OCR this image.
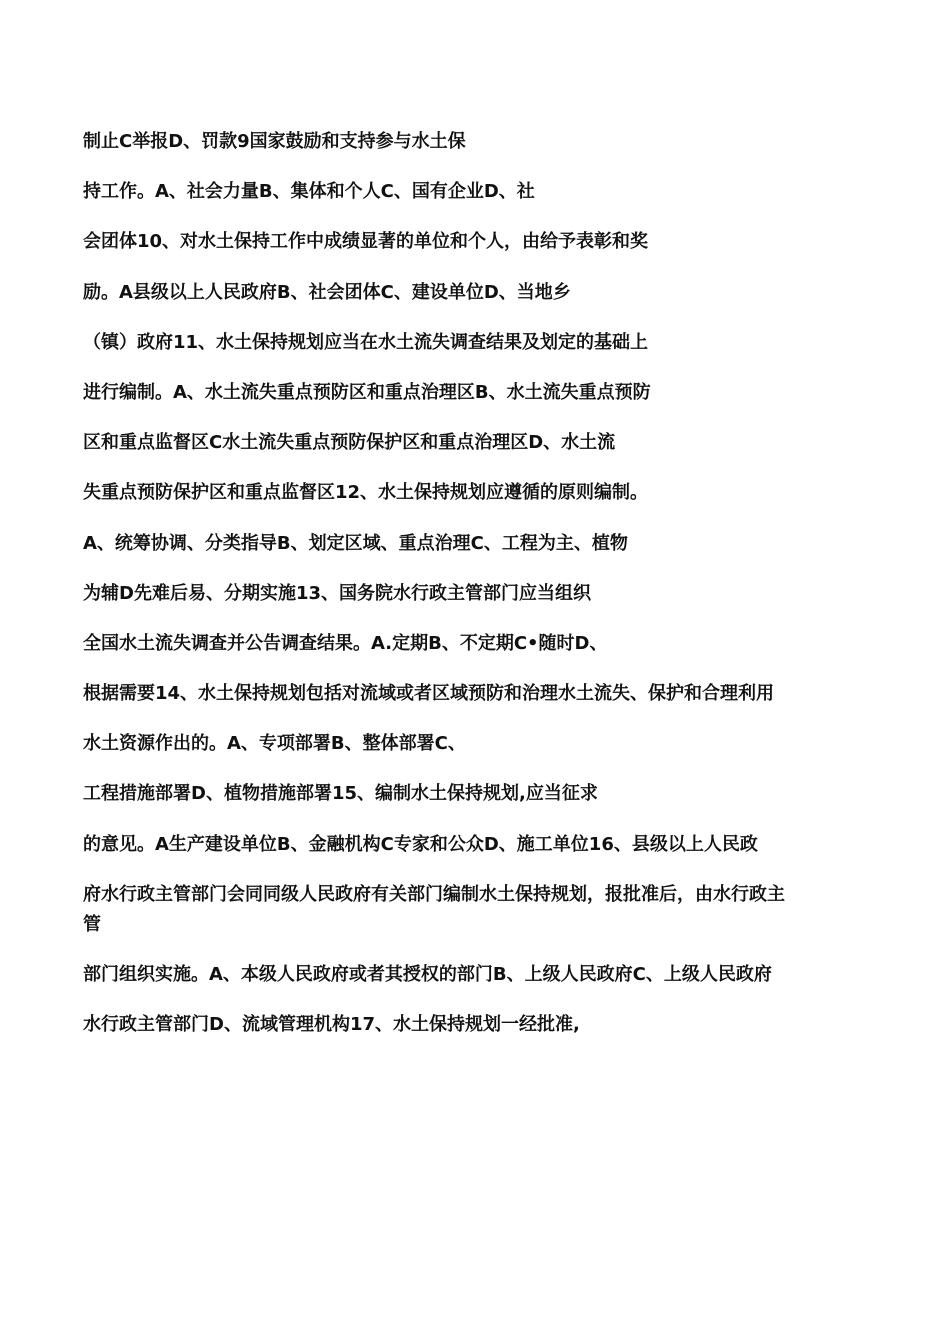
制止C举报D、罚款9国家鼓励和支持参与水土保
持工作。A、社会力量B、集体和个人C、国有企业D、社
会团体10、对水土保持工作中成绩显著的单位和个人，由给予表彰和奖
励。A县级以上人民政府B、社会团体C、建设单位D、当地乡
（镇）政府11、水土保持规划应当在水土流失调查结果及划定的基础上
进行编制。A、水土流失重点预防区和重点治理区B、水土流失重点预防
区和重点监督区C水土流失重点预防保护区和重点治理区D、水土流
失重点预防保护区和重点监督区12、水土保持规划应遵循的原则编制。
A、统筹协调、分类指导B、划定区域、重点治理C、工程为主、植物
为辅D先难后易、分期实施13、国务院水行政主管部门应当组织
全国水土流失调查并公告调查结果。A.定期B、不定期C•随时D、
根据需要14、水土保持规划包括对流域或者区域预防和治理水土流失、保护和合理利用
水土资源作出的。A、专项部署B、整体部署C、
工程措施部署D、植物措施部署15、编制水土保持规划,应当征求
的意见。A生产建设单位B、金融机构C专家和公众D、施工单位16、县级以上人民政
府水行政主管部门会同同级人民政府有关部门编制水土保持规划，报批准后，由水行政主
管
部门组织实施。A、本级人民政府或者其授权的部门B、上级人民政府C、上级人民政府
水行政主管部门D、流域管理机构17、水土保持规划一经批准,
